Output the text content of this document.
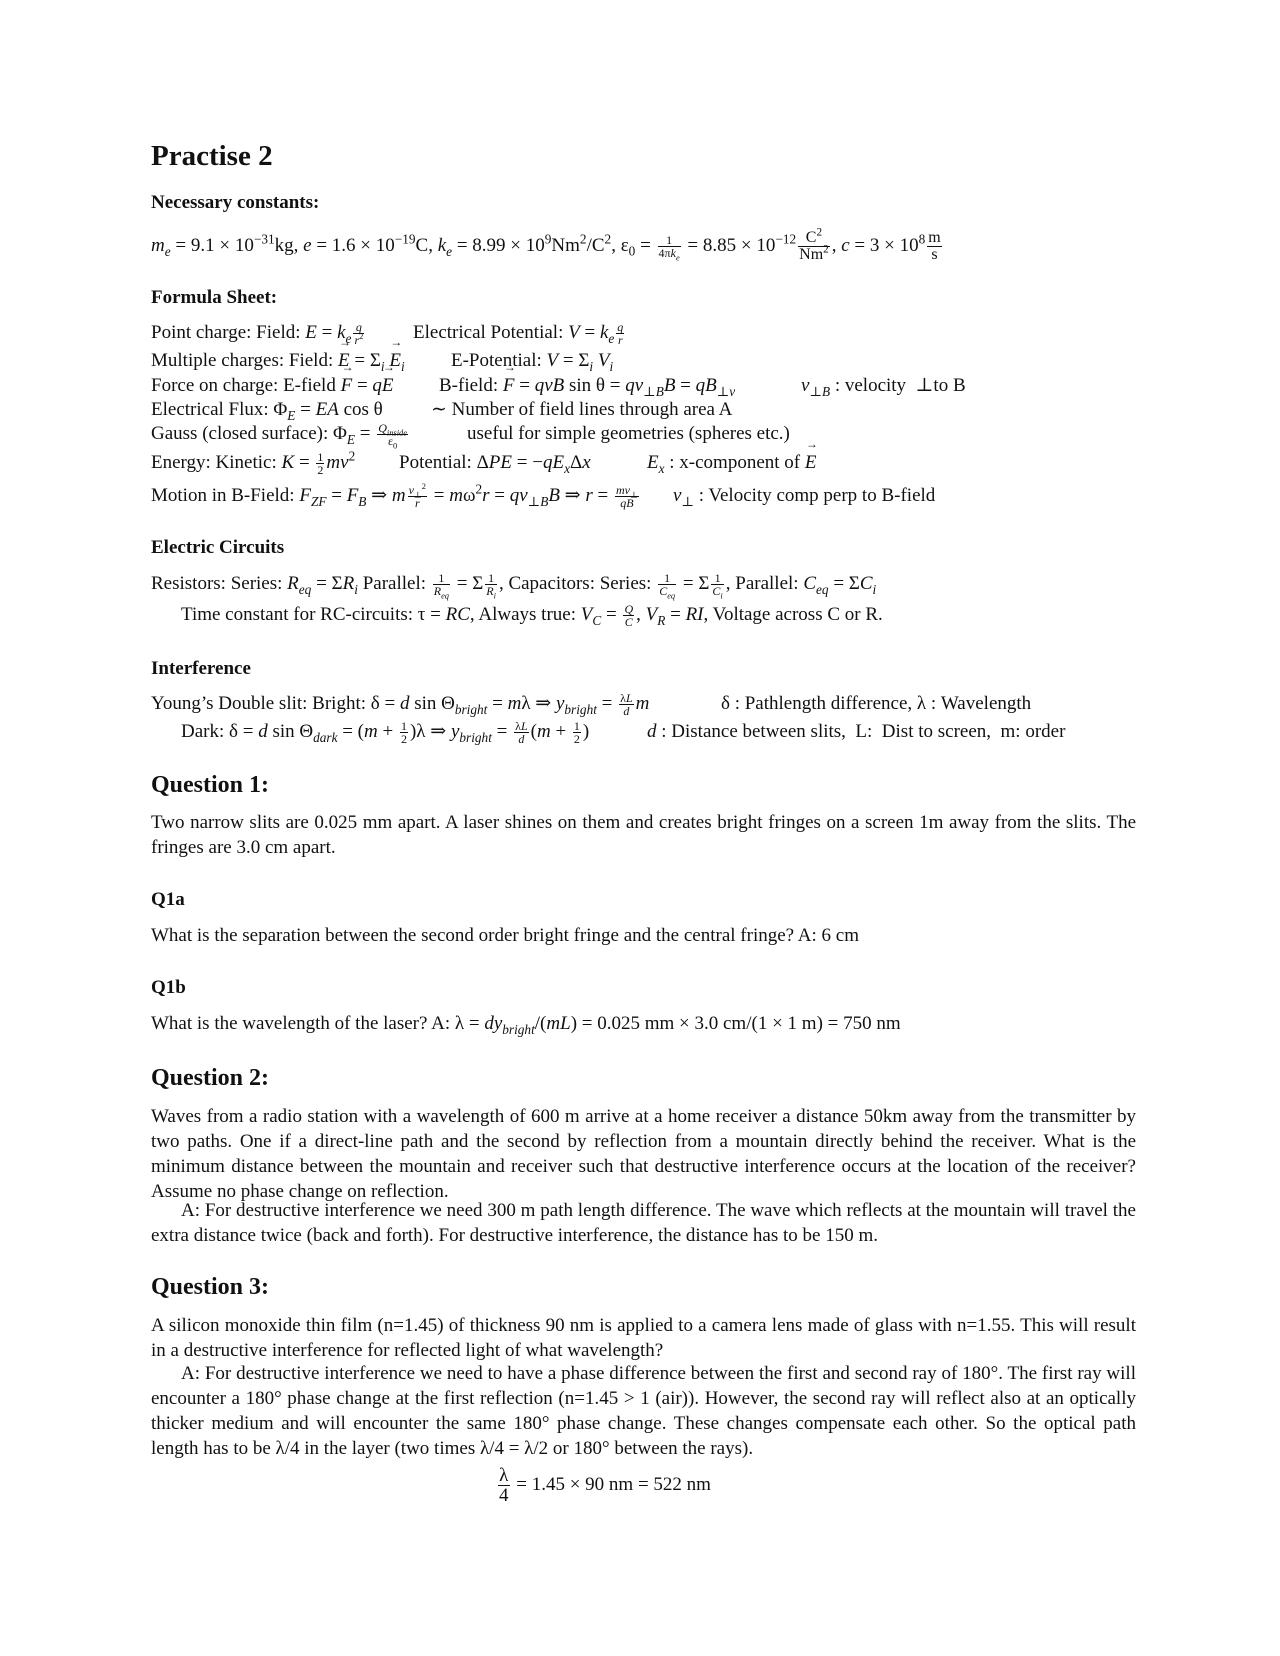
Practise 2
Necessary constants:
$m_e = 9.1 \times 10^{-31}kg$, $e = 1.6 \times 10^{-19}C$, $k_e = 8.99 \times 10^9Nm^2/C^2$, $\varepsilon_0 = \frac{1}{4\pi k_e} = 8.85 \times 10^{-12} \frac{C^2}{Nm^2}$ , $c = 3 \times 10^8 \frac{m}{s}$
Formula Sheet:
Point charge: Field: $E = k_e \frac{q}{r^2}$	Electrical Potential: $V = k_e \frac{q}{r}$
Multiple charges: Field: → $E = \Sigma_i \to E_i$ E-Potential: $V = \Sigma_i$ $V_i$
Force on charge: E-field → F = q→ E B-field: → F = qvB $\sin \theta = qv_{\perp B}B = qB_{\perp v}$	$v_{\perp B}$ : velocity  ⊥to B
Electrical Flux: $\Phi_E$ = EA cos θ	∼ Number of field lines through area A
Gauss (closed surface): $\Phi_E = \frac{Q_{inside}}{\varepsilon_0}$	useful for simple geometries (spheres etc.)
Energy: Kinetic: $K = \frac{1}{2} mv^2$ Potential: $\Delta PE = -qE_x\Delta x$	$E_x$ : x-component of → E
Motion in B-Field: $F_{ZF} = F_B$ ⇒ m $\frac{v_\perp^2}{r} = m\omega^2r = qv_{\perp B}B$ ⇒ $r = \frac{mv_\perp}{qB} v_\perp$ : Velocity comp perp to B-field
Electric Circuits
Resistors: Series: $R_{eq} = \Sigma R_i$ Parallel: $\frac{1}{R_{eq}} = \Sigma \frac{1}{R_i}$ , Capacitors: Series: $\frac{1}{C_{eq}} = \Sigma \frac{1}{C_i}$ , Parallel: $C_{eq} = \Sigma C_i$
Time constant for RC-circuits: τ = RC, Always true: $V_C = \frac{Q}{C}$ , $V_R$ = RI, Voltage across C or R.
Interference
Young’s Double slit: Bright: δ = d $\sin \Theta_{bright} = m\lambda$ ⇒ $y_{bright} = \frac{\lambda L}{d}$ m	δ : Pathlength difference, λ : Wavelength
Dark: δ = d $\sin \Theta_{dark} = (m + \frac{1}{2} )\lambda$ ⇒ $y_{bright} = \frac{\lambda L}{d} (m + \frac{1}{2}$ )	d : Distance between slits,  L:  Dist to screen,  m: order
Question 1:
Two narrow slits are 0.025 mm apart. A laser shines on them and creates bright fringes on a screen 1m away from the slits. The fringes are 3.0 cm apart.
Q1a
What is the separation between the second order bright fringe and the central fringe? A: 6 cm
Q1b
What is the wavelength of the laser? A: $\lambda = dy_{bright}/(mL) = 0.025$ mm × 3.0 cm/(1 × 1 m) = 750 nm
Question 2:
Waves from a radio station with a wavelength of 600 m arrive at a home receiver a distance 50km away from the transmitter by two paths. One if a direct-line path and the second by reflection from a mountain directly behind the receiver. What is the minimum distance between the mountain and receiver such that destructive interference occurs at the location of the receiver? Assume no phase change on reflection.
A: For destructive interference we need 300 m path length difference. The wave which reflects at the mountain will travel the extra distance twice (back and forth). For destructive interference, the distance has to be 150 m.
Question 3:
A silicon monoxide thin film (n=1.45) of thickness 90 nm is applied to a camera lens made of glass with n=1.55. This will result in a destructive interference for reflected light of what wavelength?
A: For destructive interference we need to have a phase difference between the first and second ray of 180°. The first ray will encounter a 180° phase change at the first reflection (n=1.45 > 1 (air)). However, the second ray will reflect also at an optically thicker medium and will encounter the same 180° phase change. These changes compensate each other. So the optical path length has to be λ/4 in the layer (two times λ/4 = λ/2 or 180° between the rays).
$\frac{\lambda}{4} = 1.45 \times 90$ nm = 522 nm
